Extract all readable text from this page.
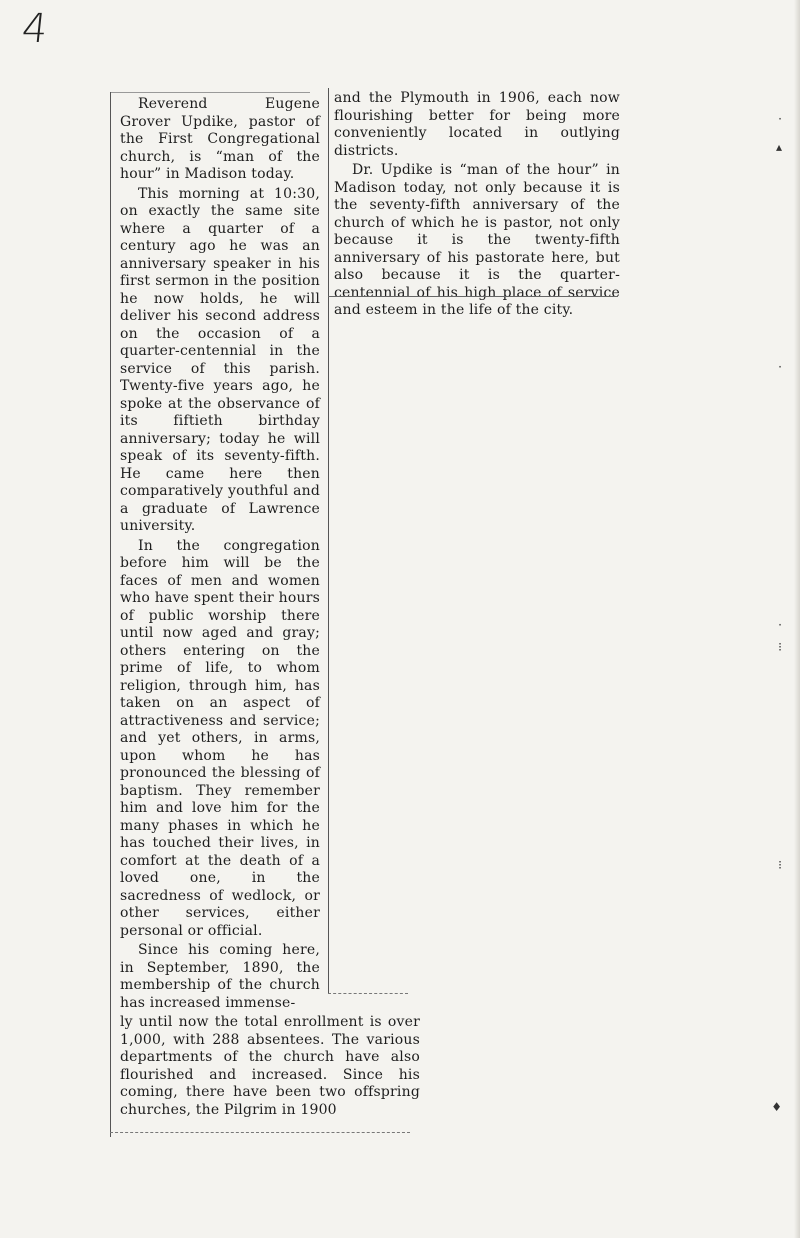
4

Reverend Eugene Grover Updike, pastor of the First Congregational church, is “man of the hour” in Madison today.

This morning at 10:30, on exactly the same site where a quarter of a century ago he was an anniversary speaker in his first sermon in the position he now holds, he will deliver his second address on the occasion of a quarter-centennial in the service of this parish. Twenty-five years ago, he spoke at the observance of its fiftieth birthday anniversary; today he will speak of its seventy-fifth. He came here then comparatively youthful and a graduate of Lawrence university.

In the congregation before him will be the faces of men and women who have spent their hours of public worship there until now aged and gray; others entering on the prime of life, to whom religion, through him, has taken on an aspect of attractiveness and service; and yet others, in arms, upon whom he has pronounced the blessing of baptism. They remember him and love him for the many phases in which he has touched their lives, in comfort at the death of a loved one, in the sacredness of wedlock, or other services, either personal or official.

Since his coming here, in September, 1890, the membership of the church has increased immense-

ly until now the total enrollment is over 1,000, with 288 absentees. The various departments of the church have also flourished and increased. Since his coming, there have been two offspring churches, the Pilgrim in 1900

and the Plymouth in 1906, each now flourishing better for being more conveniently located in outlying districts.

Dr. Updike is “man of the hour” in Madison today, not only because it is the seventy-fifth anniversary of the church of which he is pastor, not only because it is the twenty-fifth anniversary of his pastorate here, but also because it is the quarter-centennial of his high place of service and esteem in the life of the city.

·
▴
·
·
⁝
⁝
♦
